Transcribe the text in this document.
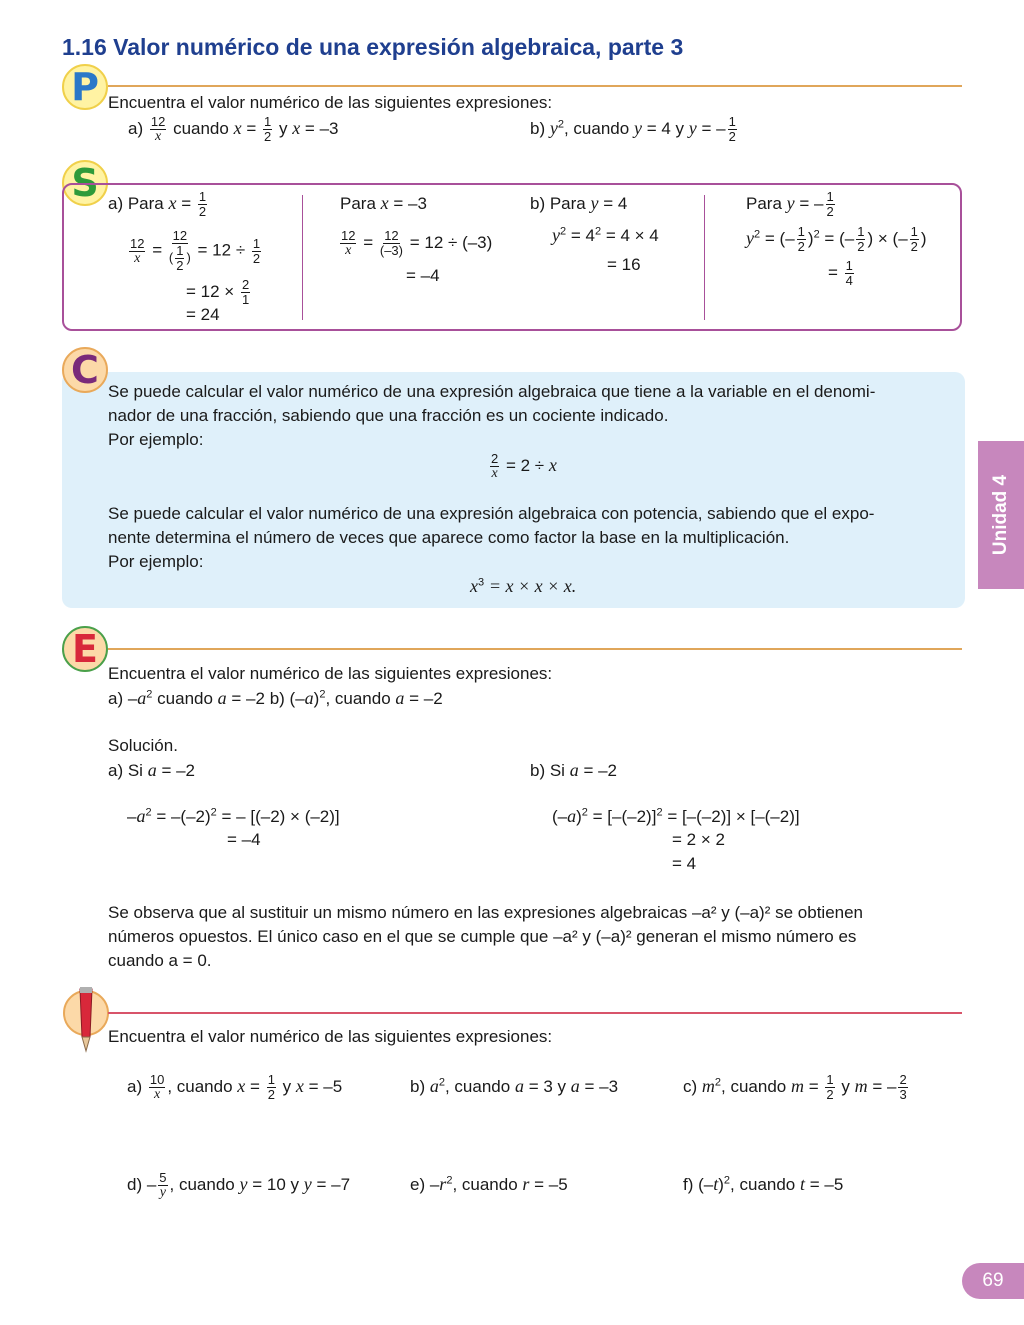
1.16 Valor numérico de una expresión algebraica, parte 3
P Encuentra el valor numérico de las siguientes expresiones:
$a) \frac{12}{x}$ cuando $x = \frac{1}{2}$ y x = –3	b) $y^2$, cuando y = 4 y y = – $\frac{1}{2}$
S a) Para $x = \frac{1}{2}$
$\frac{12}{x} = \frac{12}{( \frac{1}{2} )} = 12 \div \frac{1}{2}$
= $12 \times \frac{2}{1}$
= 24
Para x = –3
$\frac{12}{x} = \frac{12}{(-3)} = 12 \div (-3)$
= –4
b) Para y = 4
$y^2 = 4^2 = 4 \times 4$
= 16
Para y = – $\frac{1}{2}$
$y^2$ = (– $\frac{1}{2} )^2$ = (– $\frac{1}{2}$ ) × (– $\frac{1}{2}$ )
= $\frac{1}{4}$
C Se puede calcular el valor numérico de una expresión algebraica que tiene a la variable en el denomi-
nador de una fracción, sabiendo que una fracción es un cociente indicado.
Por ejemplo:
$\frac{2}{x} = 2 \div x$
Se puede calcular el valor numérico de una expresión algebraica con potencia, sabiendo que el expo-
nente determina el número de veces que aparece como factor la base en la multiplicación.
Por ejemplo:
$x^3 = x \times x \times x$.
Unidad 4
E
Encuentra el valor numérico de las siguientes expresiones:
a) $-a^2$ cuando a = –2 b) $(-a)^2$, cuando a = –2
Solución.
a) Si a = –2	b) Si a = –2
$-a^2 = -(-2)^2$ = – [(–2) × (–2)]
= –4
$(-a)^2 = [-(-2)]^2 = [-(-2)] \times [-(-2)]$
= 2 × 2
= 4
Se observa que al sustituir un mismo número en las expresiones algebraicas –a² y (–a)² se obtienen
números opuestos. El único caso en el que se cumple que –a² y (–a)² generan el mismo número es
cuando a = 0.
Encuentra el valor numérico de las siguientes expresiones:
$a) \frac{10}{x}$ , cuando $x = \frac{1}{2}$ y x = –5	b) $a^2$, cuando a = 3 y a = –3	c) $m^2$, cuando $m = \frac{1}{2}$ y m = – $\frac{2}{3}$
$d) - \frac{5}{y}$ , cuando y = 10 y y = –7	e) $-r^2$, cuando r = –5	f) $(-t)^2$, cuando t = –5
69
